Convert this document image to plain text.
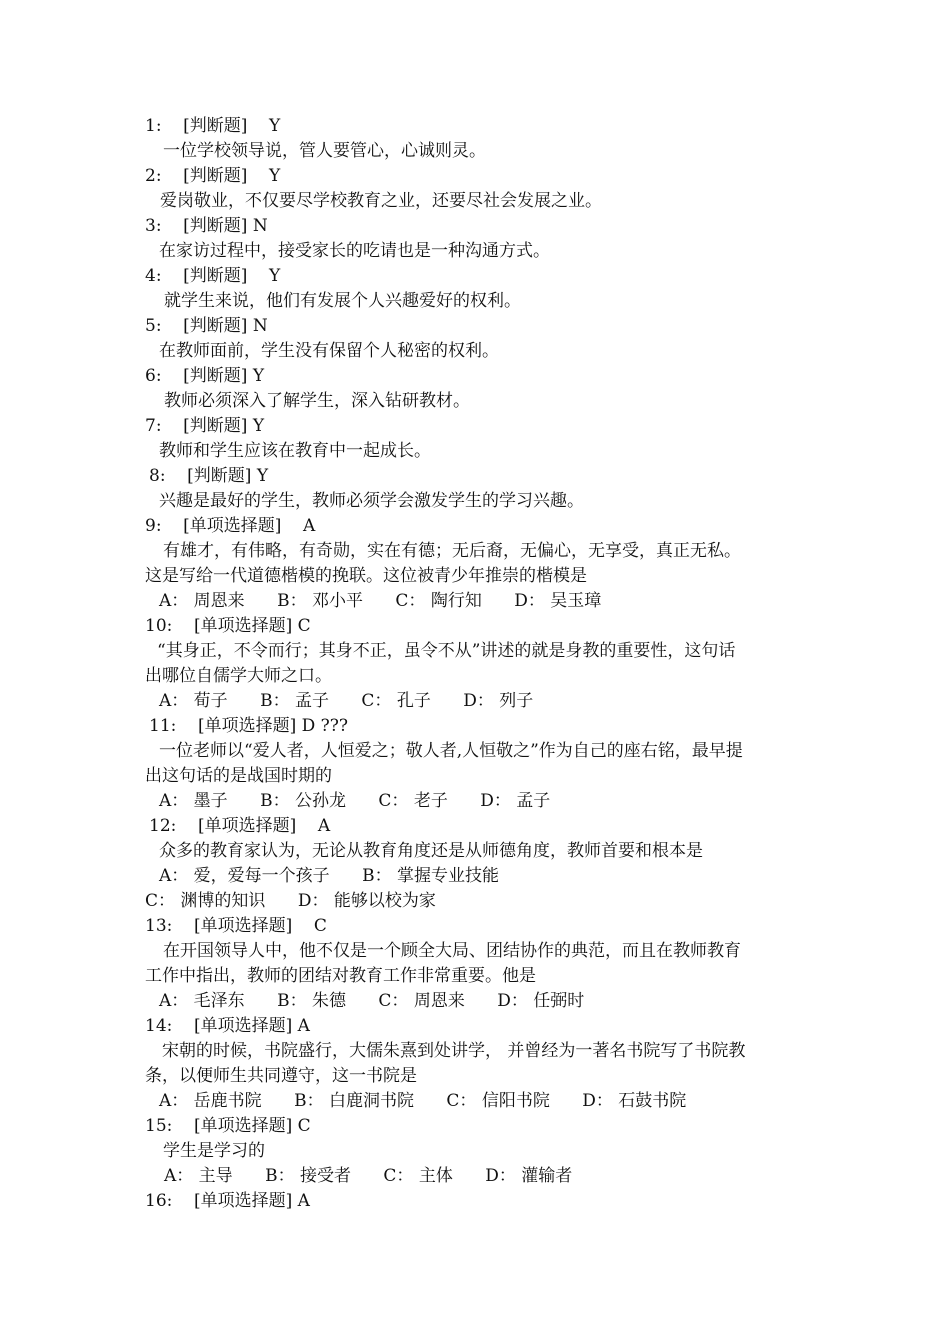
1:    [判断题]    Y
一位学校领导说，管人要管心，心诚则灵。
2:    [判断题]    Y
爱岗敬业，不仅要尽学校教育之业，还要尽社会发展之业。
3:    [判断题] N
在家访过程中，接受家长的吃请也是一种沟通方式。
4:    [判断题]    Y
就学生来说，他们有发展个人兴趣爱好的权利。
5:    [判断题] N
在教师面前，学生没有保留个人秘密的权利。
6:    [判断题] Y
教师必须深入了解学生，深入钻研教材。
7:    [判断题] Y
教师和学生应该在教育中一起成长。
8:    [判断题] Y
兴趣是最好的学生，教师必须学会激发学生的学习兴趣。
9:    [单项选择题]    A
有雄才，有伟略，有奇勋，实在有德；无后裔，无偏心，无享受，真正无私。
这是写给一代道德楷模的挽联。这位被青少年推崇的楷模是
A： 周恩来      B： 邓小平      C： 陶行知      D： 吴玉璋
10:    [单项选择题] C
“其身正，不令而行；其身不正，虽令不从”讲述的就是身教的重要性，这句话
出哪位自儒学大师之口。
A： 荀子      B： 孟子      C： 孔子      D： 列子
11:    [单项选择题] D ???
一位老师以“爱人者，人恒爱之；敬人者,人恒敬之”作为自己的座右铭，最早提
出这句话的是战国时期的
A： 墨子      B： 公孙龙      C： 老子      D： 孟子
12:    [单项选择题]    A
众多的教育家认为，无论从教育角度还是从师德角度，教师首要和根本是
A： 爱，爱每一个孩子      B： 掌握专业技能
C： 渊博的知识      D： 能够以校为家
13:    [单项选择题]    C
在开国领导人中，他不仅是一个顾全大局、团结协作的典范，而且在教师教育
工作中指出，教师的团结对教育工作非常重要。他是
A： 毛泽东      B： 朱德      C： 周恩来      D： 任弼时
14:    [单项选择题] A
宋朝的时候，书院盛行，大儒朱熹到处讲学， 并曾经为一著名书院写了书院教
条，以便师生共同遵守，这一书院是
A： 岳鹿书院      B： 白鹿洞书院      C： 信阳书院      D： 石鼓书院
15:    [单项选择题] C
学生是学习的
A： 主导      B： 接受者      C： 主体      D： 灌输者
16:    [单项选择题] A
